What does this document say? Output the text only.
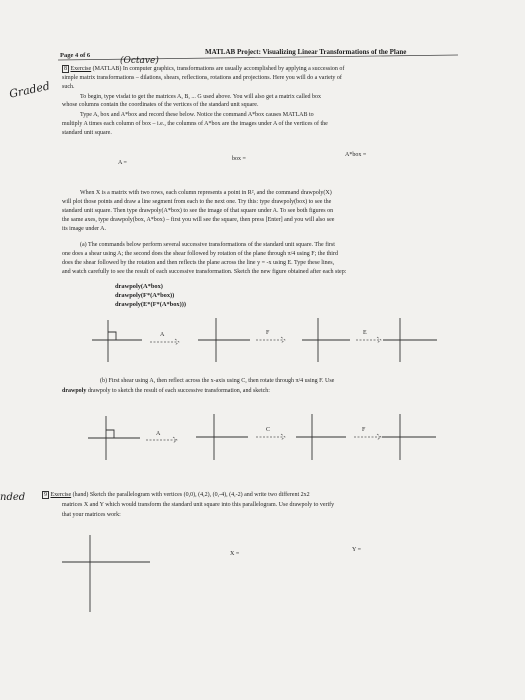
Page 4 of 6	MATLAB Project: Visualizing Linear Transformations of the Plane
(Octave)
Graded
8 Exercise (MATLAB) In computer graphics, transformations are usually accomplished by applying a succession of
simple matrix transformations – dilations, shears, reflections, rotations and projections. Here you will do a variety of
such.
To begin, type visdat to get the matrices A, B, ... G used above. You will also get a matrix called box
whose columns contain the coordinates of the vertices of the standard unit square.
Type A, box and A*box and record these below. Notice the command A*box causes MATLAB to
multiply A times each column of box – i.e., the columns of A*box are the images under A of the vertices of the
standard unit square.
A =
box =
A*box =
When X is a matrix with two rows, each column represents a point in R², and the command drawpoly(X)
will plot those points and draw a line segment from each to the next one. Try this: type drawpoly(box) to see the
standard unit square. Then type drawpoly(A*box) to see the image of that square under A. To see both figures on
the same axes, type drawpoly(box, A*box) – first you will see the square, then press [Enter] and you will also see
its image under A.
(a) The commands below perform several successive transformations of the standard unit square. The first
one does a shear using A; the second does the shear followed by rotation of the plane through π/4 using F; the third
does the shear followed by the rotation and then reflects the plane across the line y = -x using E. Type these lines,
and watch carefully to see the result of each successive transformation. Sketch the new figure obtained after each step:
drawpoly(A*box)
drawpoly(F*(A*box))
drawpoly(E*(F*(A*box)))
A	F	E
(b) First shear using A, then reflect across the x-axis using C, then rotate through π/4 using F. Use
drawpoly drawpoly to sketch the result of each successive transformation, and sketch:
A
C	F
nded	9 Exercise (hand) Sketch the parallelogram with vertices (0,0), (4,2), (0,-4), (4,-2) and write two different 2x2
matrices X and Y which would transform the standard unit square into this parallelogram. Use drawpoly to verify
that your matrices work:
X =
Y =
